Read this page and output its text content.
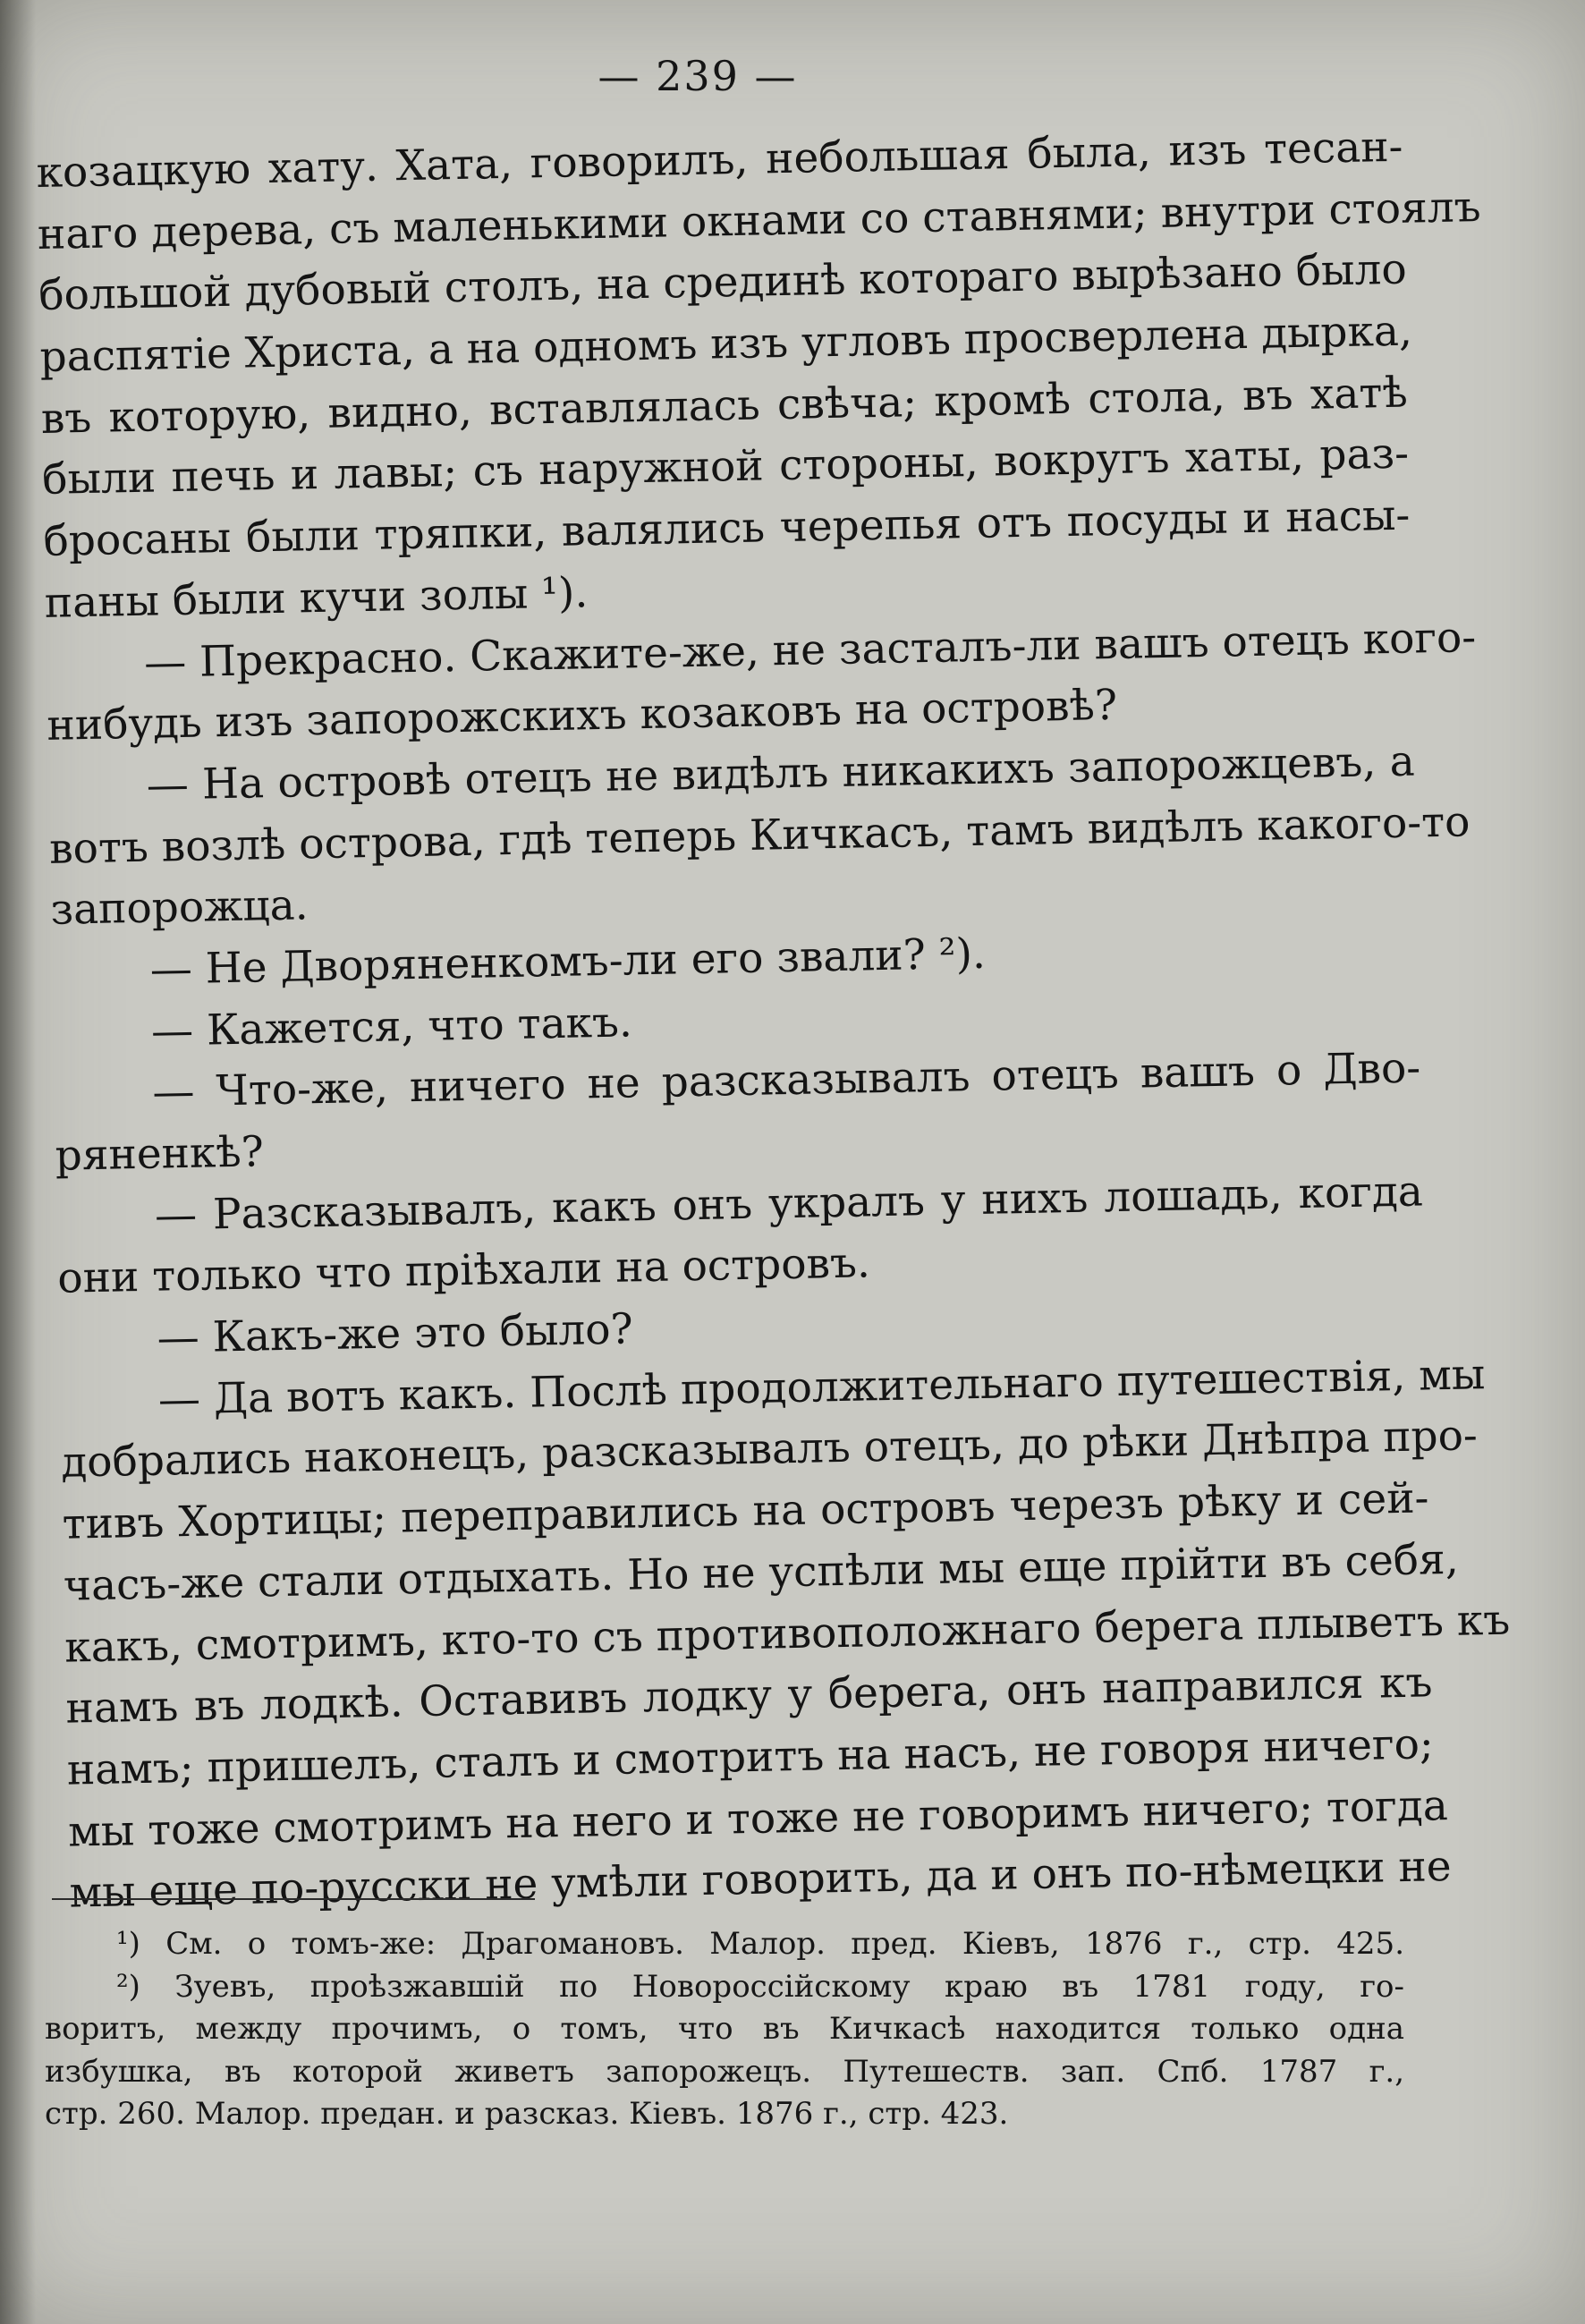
— 239 —
козацкую хату. Хата, говорилъ, небольшая была, изъ тесан-
наго дерева, съ маленькими окнами со ставнями; внутри стоялъ
большой дубовый столъ, на срединѣ котораго вырѣзано было
распятіе Христа, а на одномъ изъ угловъ просверлена дырка,
въ которую, видно, вставлялась свѣча; кромѣ стола, въ хатѣ
были печь и лавы; съ наружной стороны, вокругъ хаты, раз-
бросаны были тряпки, валялись черепья отъ посуды и насы-
паны были кучи золы ¹).
— Прекрасно. Скажите-же, не засталъ-ли вашъ отецъ кого-
нибудь изъ запорожскихъ козаковъ на островѣ?
— На островѣ отецъ не видѣлъ никакихъ запорожцевъ, а
вотъ возлѣ острова, гдѣ теперь Кичкасъ, тамъ видѣлъ какого-то
запорожца.
— Не Дворяненкомъ-ли его звали? ²).
— Кажется, что такъ.
— Что-же, ничего не разсказывалъ отецъ вашъ о Дво-
ряненкѣ?
— Разсказывалъ, какъ онъ укралъ у нихъ лошадь, когда
они только что пріѣхали на островъ.
— Какъ-же это было?
— Да вотъ какъ. Послѣ продолжительнаго путешествія, мы
добрались наконецъ, разсказывалъ отецъ, до рѣки Днѣпра про-
тивъ Хортицы; переправились на островъ черезъ рѣку и сей-
часъ-же стали отдыхать. Но не успѣли мы еще прійти въ себя,
какъ, смотримъ, кто-то съ противоположнаго берега плыветъ къ
намъ въ лодкѣ. Оставивъ лодку у берега, онъ направился къ
намъ; пришелъ, сталъ и смотритъ на насъ, не говоря ничего;
мы тоже смотримъ на него и тоже не говоримъ ничего; тогда
мы еще по-русски не умѣли говорить, да и онъ по-нѣмецки не
¹) См. о томъ-же: Драгомановъ. Малор. пред. Кіевъ, 1876 г., стр. 425.
²) Зуевъ, проѣзжавшій по Новороссійскому краю въ 1781 году, го-
воритъ, между прочимъ, о томъ, что въ Кичкасѣ находится только одна
избушка, въ которой живетъ запорожецъ. Путешеств. зап. Спб. 1787 г.,
стр. 260. Малор. предан. и разсказ. Кіевъ. 1876 г., стр. 423.
